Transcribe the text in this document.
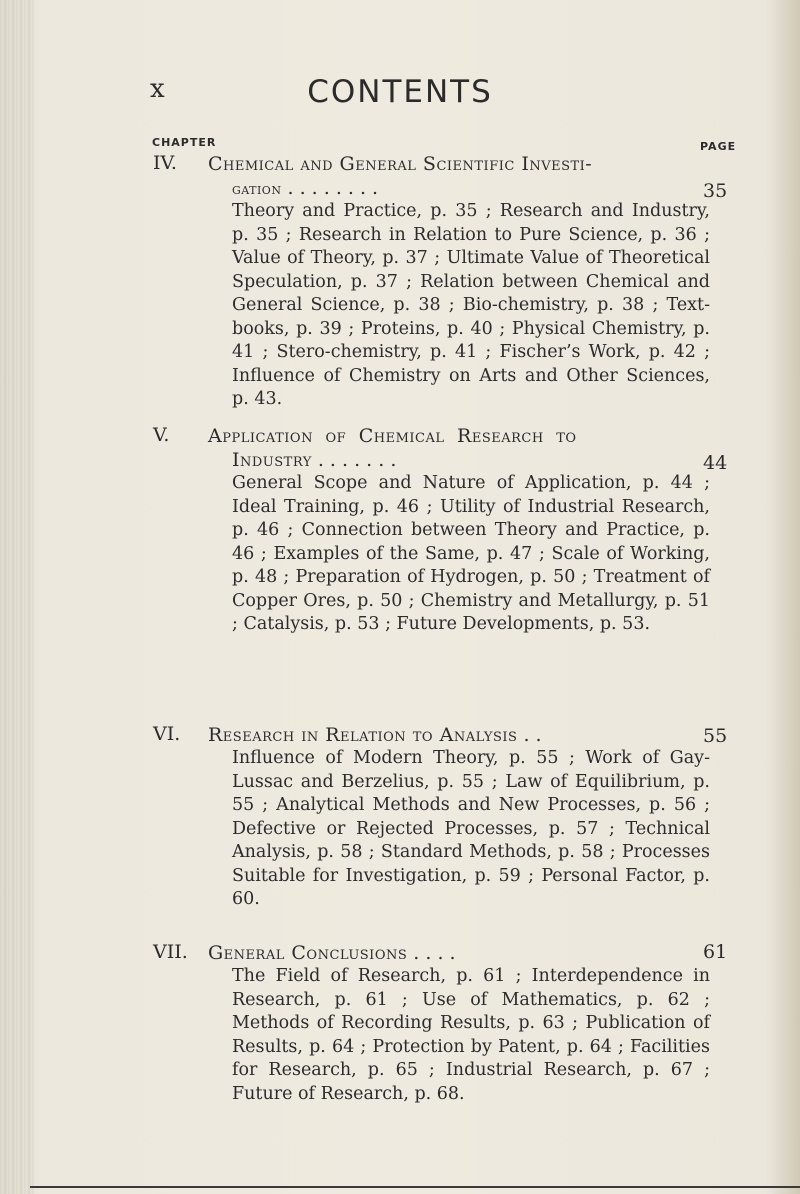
x	CONTENTS
CHAPTER	PAGE
IV. Chemical and General Scientific Investi-
gation . . . . . . . .	35
Theory and Practice, p. 35 ; Research and Industry, p. 35 ; Research in Relation to Pure Science, p. 36 ; Value of Theory, p. 37 ; Ultimate Value of Theoretical Speculation, p. 37 ; Relation between Chemical and General Science, p. 38 ; Bio-chemistry, p. 38 ; Text-books, p. 39 ; Proteins, p. 40 ; Physical Chemistry, p. 41 ; Stero-chemistry, p. 41 ; Fischer’s Work, p. 42 ; Influence of Chemistry on Arts and Other Sciences, p. 43.
V. Application of Chemical Research to
Industry . . . . . . .	44
General Scope and Nature of Application, p. 44 ; Ideal Training, p. 46 ; Utility of Industrial Research, p. 46 ; Connection between Theory and Practice, p. 46 ; Examples of the Same, p. 47 ; Scale of Working, p. 48 ; Preparation of Hydrogen, p. 50 ; Treatment of Copper Ores, p. 50 ; Chemistry and Metallurgy, p. 51 ; Catalysis, p. 53 ; Future Developments, p. 53.
VI. Research in Relation to Analysis . .	55
Influence of Modern Theory, p. 55 ; Work of Gay-Lussac and Berzelius, p. 55 ; Law of Equilibrium, p. 55 ; Analytical Methods and New Processes, p. 56 ; Defective or Rejected Processes, p. 57 ; Technical Analysis, p. 58 ; Standard Methods, p. 58 ; Processes Suitable for Investigation, p. 59 ; Personal Factor, p. 60.
VII. General Conclusions . . . .	61
The Field of Research, p. 61 ; Interdependence in Research, p. 61 ; Use of Mathematics, p. 62 ; Methods of Recording Results, p. 63 ; Publication of Results, p. 64 ; Protection by Patent, p. 64 ; Facilities for Research, p. 65 ; Industrial Research, p. 67 ; Future of Research, p. 68.
